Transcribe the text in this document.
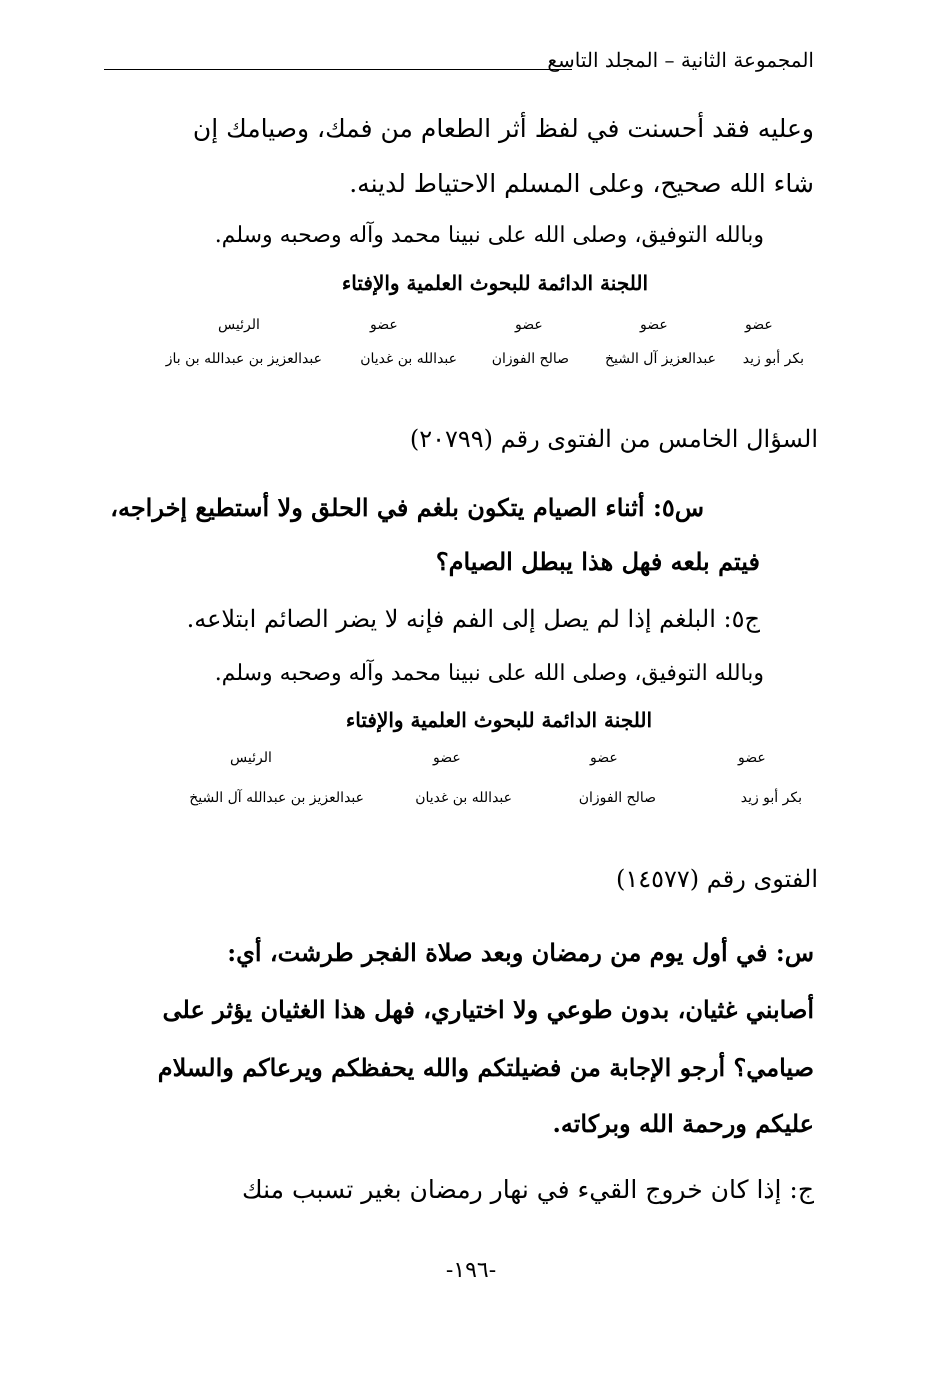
المجموعة الثانية – المجلد التاسع
وعليه فقد أحسنت في لفظ أثر الطعام من فمك، وصيامك إن
شاء الله صحيح، وعلى المسلم الاحتياط لدينه.
وبالله التوفيق، وصلى الله على نبينا محمد وآله وصحبه وسلم.
اللجنة الدائمة للبحوث العلمية والإفتاء
عضو
عضو
عضو
عضو
الرئيس
بكر أبو زيد
عبدالعزيز آل الشيخ
صالح الفوزان
عبدالله بن غديان
عبدالعزيز بن عبدالله بن باز
السؤال الخامس من الفتوى رقم (٢٠٧٩٩)
س٥: أثناء الصيام يتكون بلغم في الحلق ولا أستطيع إخراجه،
فيتم بلعه فهل هذا يبطل الصيام؟
ج٥: البلغم إذا لم يصل إلى الفم فإنه لا يضر الصائم ابتلاعه.
وبالله التوفيق، وصلى الله على نبينا محمد وآله وصحبه وسلم.
اللجنة الدائمة للبحوث العلمية والإفتاء
عضو
عضو
عضو
الرئيس
بكر أبو زيد
صالح الفوزان
عبدالله بن غديان
عبدالعزيز بن عبدالله آل الشيخ
الفتوى رقم (١٤٥٧٧)
س: في أول يوم من رمضان وبعد صلاة الفجر طرشت، أي:
أصابني غثيان، بدون طوعي ولا اختياري، فهل هذا الغثيان يؤثر على
صيامي؟ أرجو الإجابة من فضيلتكم والله يحفظكم ويرعاكم والسلام
عليكم ورحمة الله وبركاته.
ج: إذا كان خروج القيء في نهار رمضان بغير تسبب منك
-١٩٦-
